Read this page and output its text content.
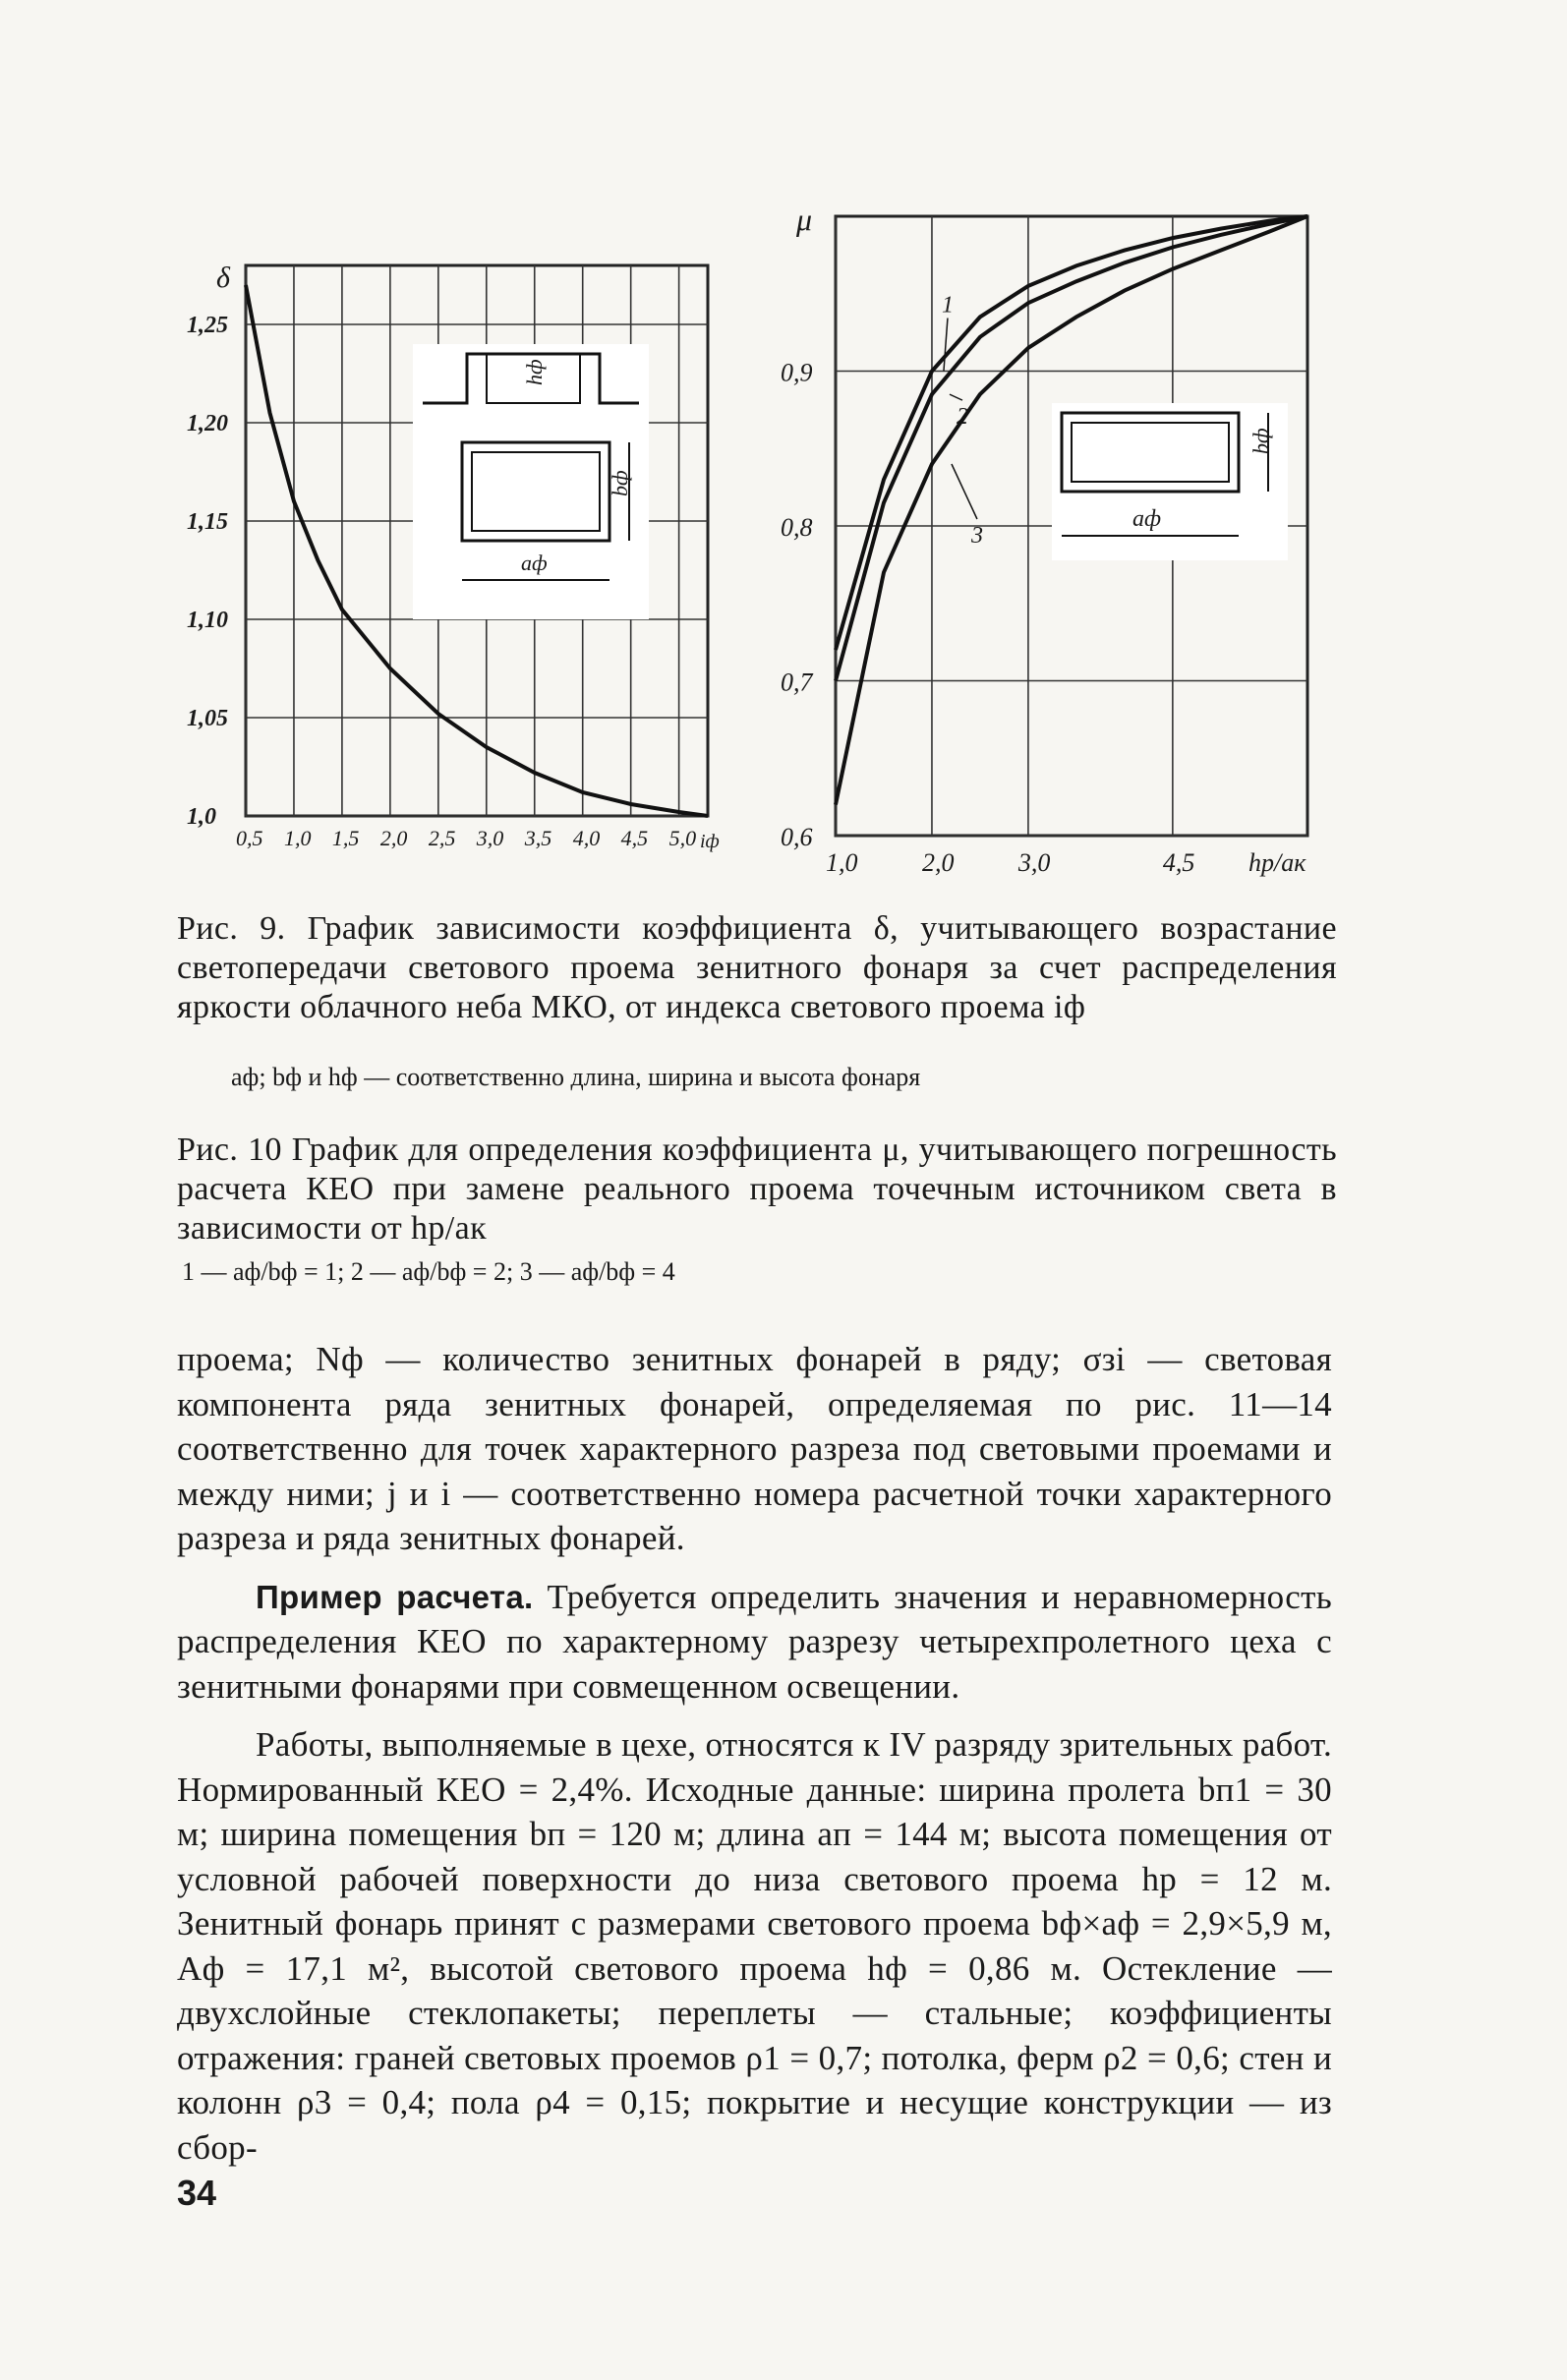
0,5 1,0 1,5 2,0 2,5 3,0 3,5 4,0 4,5 5,0
1,0
1,05
1,10
1,15
1,20
1,25
δ
iф
hф
bф
aф
1,0	2,0	3,0	4,5
0,6
0,7
0,8
0,9
μ
hр/aк
1
2
3
bф
aф
Рис. 9. График зависимости коэффициента δ, учитывающего возрастание светопередачи светового проема зенитного фонаря за счет распределения яркости облачного неба МКО, от индекса светового проема iф
aф; bф и hф — соответственно длина, ширина и высота фонаря
Рис. 10 График для определения коэффициента μ, учитывающего погрешность расчета КЕО при замене реального проема точечным источником света в зависимости от hр/aк
1 — aф/bф = 1; 2 — aф/bф = 2; 3 — aф/bф = 4

проема; Nф — количество зенитных фонарей в ряду; σзi — световая компонента ряда зенитных фонарей, определяемая по рис. 11—14 соответственно для точек характерного разреза под световыми проемами и между ними; j и i — соответственно номера расчетной точки характерного разреза и ряда зенитных фонарей.

Пример расчета. Требуется определить значения и неравномерность распределения КЕО по характерному разрезу четырехпролетного цеха с зенитными фонарями при совмещенном освещении.

Работы, выполняемые в цехе, относятся к IV разряду зрительных работ. Нормированный КЕО = 2,4%. Исходные данные: ширина пролета bп1 = 30 м; ширина помещения bп = 120 м; длина aп = 144 м; высота помещения от условной рабочей поверхности до низа светового проема hр = 12 м. Зенитный фонарь принят с размерами светового проема bф×aф = 2,9×5,9 м, Aф = 17,1 м², высотой светового проема hф = 0,86 м. Остекление — двухслойные стеклопакеты; переплеты — стальные; коэффициенты отражения: граней световых проемов ρ1 = 0,7; потолка, ферм ρ2 = 0,6; стен и колонн ρ3 = 0,4; пола ρ4 = 0,15; покрытие и несущие конструкции — из сбор-

34
